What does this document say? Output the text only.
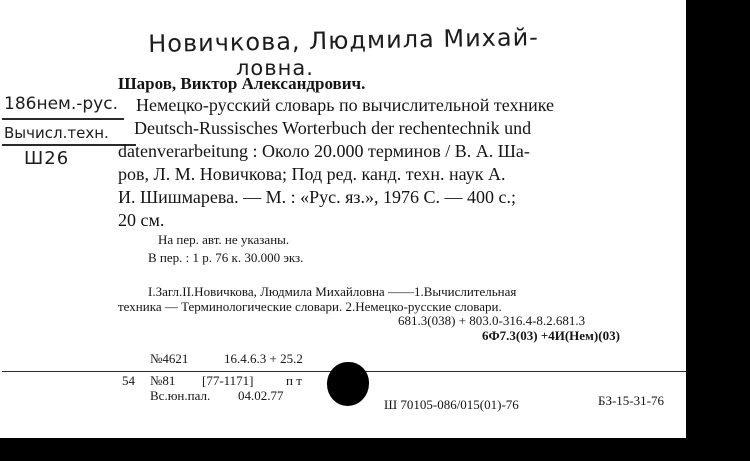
Новичкова, Людмила Михай-
ловна.
186нем.-рус.
Вычисл.техн.
Ш26
Шаров, Виктор Александрович.
Немецко-русский словарь по вычислительной технике
Deutsch-Russisches Worterbuch der rechentechnik und
datenverarbeitung : Около 20.000 терминов / В. А. Ша-
ров, Л. М. Новичкова; Под ред. канд. техн. наук А.
И. Шишмарева. — М. : «Рус. яз.», 1976 С. — 400 с.;
20 см.
На пер. авт. не указаны.
В пер. : 1 р. 76 к. 30.000 экз.
I.Загл.II.Новичкова, Людмила Михайловна ——1.Вычислительная
техника — Терминологические словари. 2.Немецко-русские словари.
681.3(038) + 803.0-316.4-8.2.681.3
6Ф7.3(03) +4И(Нем)(03)
№4621	16.4.6.3 + 25.2
54 №81 [77-1171] п т
Вс.юн.пал. 04.02.77
Ш 70105-086/015(01)-76	БЗ-15-31-76
